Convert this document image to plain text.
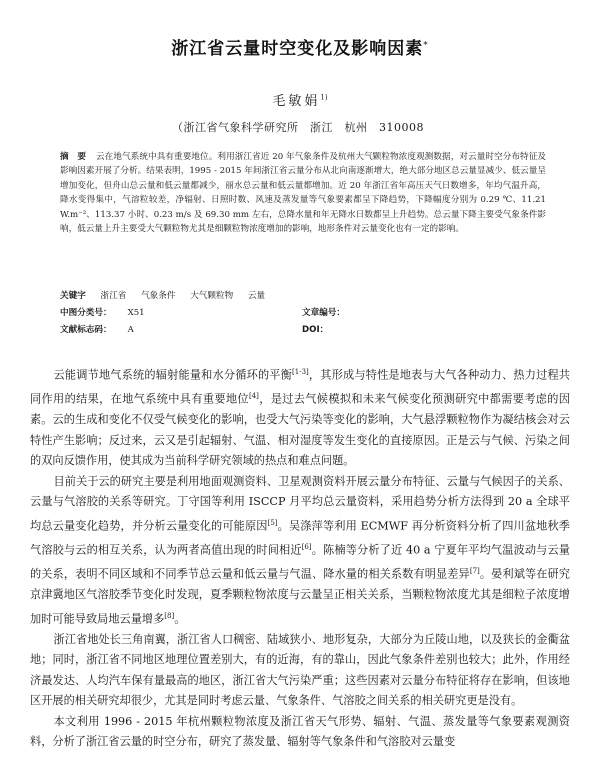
浙江省云量时空变化及影响因素*
毛敏娟$^{1)}$
（浙江省气象科学研究所　浙江　杭州　310008
摘　要 云在地气系统中具有重要地位。利用浙江省近 20 年气象条件及杭州大气颗粒物浓度观测数据，对云量时空分布特征及影响因素开展了分析。结果表明，1995 - 2015 年间浙江省云量分布从北向南逐渐增大，绝大部分地区总云量显减少、低云量呈增加变化，但舟山总云量和低云量都减少，丽水总云量和低云量都增加。近 20 年浙江省年高压天气日数增多，年均气温升高，降水变得集中，气溶粒较差，净辐射、日照时数、风速及蒸发量等气象要素都呈下降趋势，下降幅度分别为 0.29 ℃、11.21 W.m⁻²、113.37 小时、0.23 m/s 及 69.30 mm 左右，总降水量和年无降水日数都呈上升趋势。总云量下降主要受气象条件影响，低云量上升主要受大气颗粒物尤其是细颗粒物浓度增加的影响，地形条件对云量变化也有一定的影响。
关键字 浙江省 气象条件 大气颗粒物 云量
中图分类号： X51	文章编号：
文献标志码： A	DOI：

云能调节地气系统的辐射能量和水分循环的平衡[1-3]，其形成与特性是地表与大气各种动力、热力过程共同作用的结果，在地气系统中具有重要地位[4]，是过去气候模拟和未来气候变化预测研究中都需要考虑的因素。云的生成和变化不仅受气候变化的影响，也受大气污染等变化的影响，大气悬浮颗粒物作为凝结核会对云特性产生影响；反过来，云又是引起辐射、气温、相对湿度等发生变化的直接原因。正是云与气候、污染之间的双向反馈作用，使其成为当前科学研究领域的热点和难点问题。

目前关于云的研究主要是利用地面观测资料、卫星观测资料开展云量分布特征、云量与气候因子的关系、云量与气溶胶的关系等研究。丁守国等利用 ISCCP 月平均总云量资料，采用趋势分析方法得到 20 a 全球平均总云量变化趋势，并分析云量变化的可能原因[5]。吴涤萍等利用 ECMWF 再分析资料分析了四川盆地秋季气溶胶与云的相互关系，认为两者高值出现的时间相近[6]。陈楠等分析了近 40 a 宁夏年平均气温波动与云量的关系，表明不同区域和不同季节总云量和低云量与气温、降水量的相关系数有明显差异[7]。晏利斌等在研究京津冀地区气溶胶季节变化时发现，夏季颗粒物浓度与云量呈正相关关系，当颗粒物浓度尤其是细粒子浓度增加时可能导致局地云量增多[8]。

浙江省地处长三角南翼，浙江省人口稠密、陆域狭小、地形复杂，大部分为丘陵山地，以及狭长的金衢盆地；同时，浙江省不同地区地理位置差别大，有的近海，有的靠山，因此气象条件差别也较大；此外，作用经济最发达、人均汽车保有量最高的地区，浙江省大气污染严重；这些因素对云量分布特征将存在影响，但该地区开展的相关研究却很少，尤其是同时考虑云量、气象条件、气溶胶之间关系的相关研究更是没有。

本文利用 1996 - 2015 年杭州颗粒物浓度及浙江省天气形势、辐射、气温、蒸发量等气象要素观测资料，分析了浙江省云量的时空分布，研究了蒸发量、辐射等气象条件和气溶胶对云量变
